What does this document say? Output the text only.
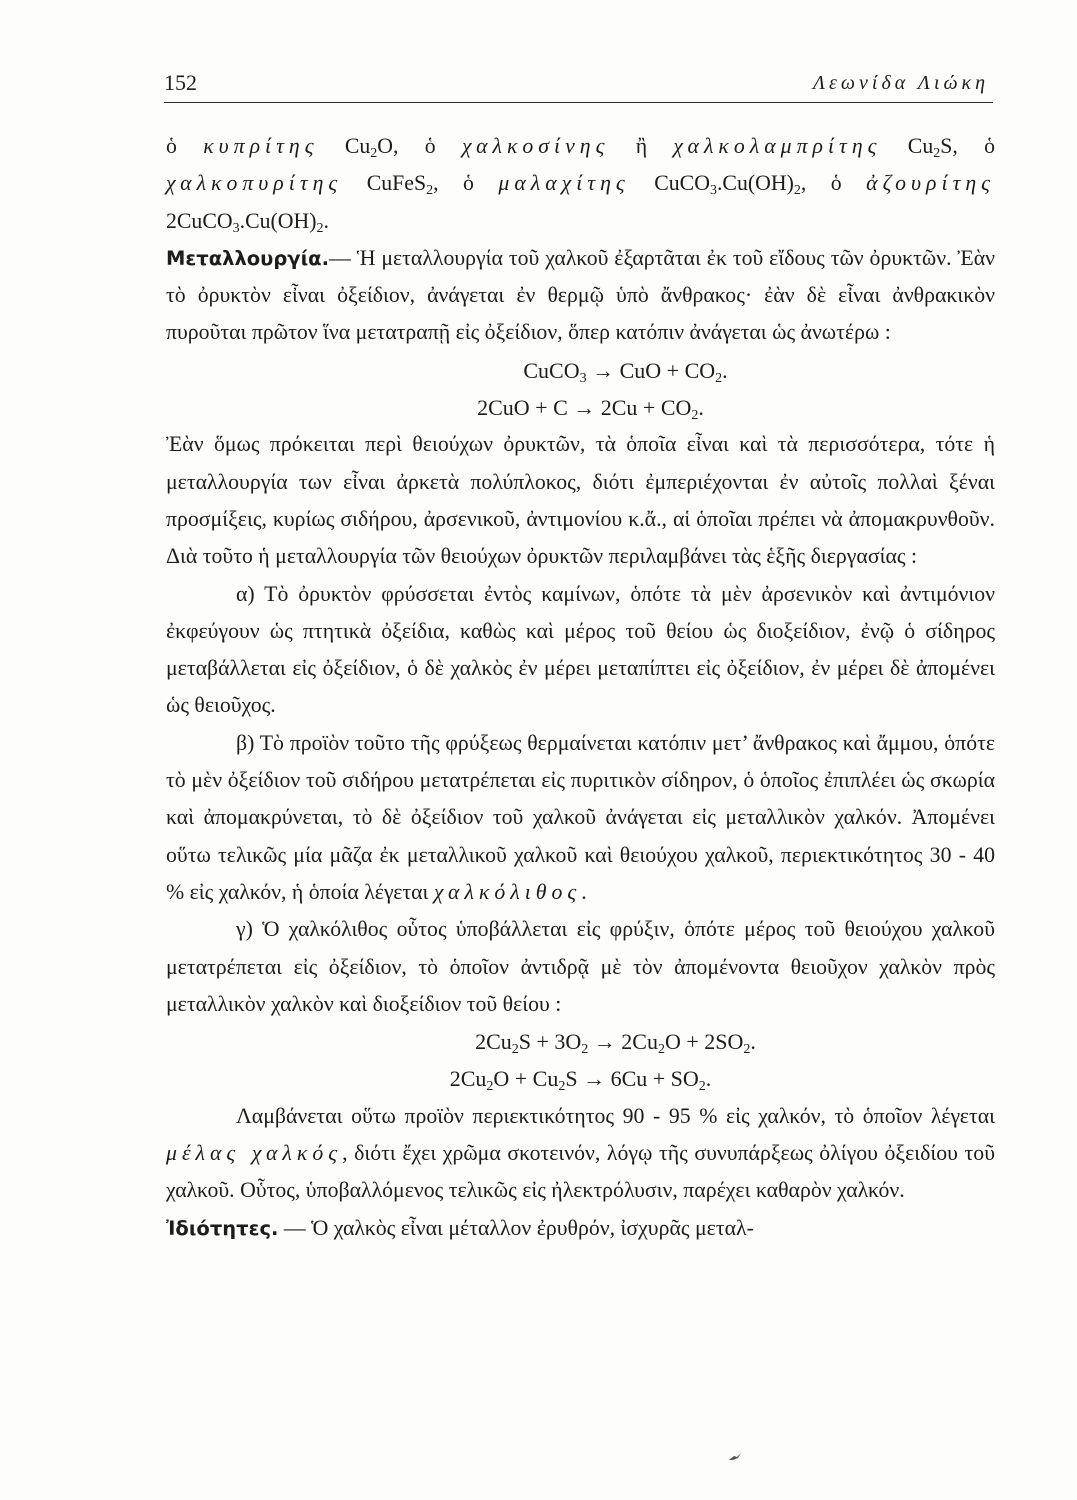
152	Λεωνίδα Λιώκη

ὁ κυπρίτης $Cu_2O$, ὁ χαλκοσίνης ἢ χαλκολαμπρίτης $Cu_2S$, ὁ χαλκοπυρίτης CuFeS$_2$, ὁ μαλαχίτης $CuCO_3.Cu(OH)_2$, ὁ ἀζουρίτης $2CuCO_3.Cu(OH)_2$.

Μεταλλουργία.— Ἡ μεταλλουργία τοῦ χαλκοῦ ἐξαρτᾶται ἐκ τοῦ εἴδους τῶν ὀρυκτῶν. Ἐὰν τὸ ὀρυκτὸν εἶναι ὀξείδιον, ἀνάγεται ἐν θερμῷ ὑπὸ ἄνθρακος· ἐὰν δὲ εἶναι ἀνθρακικὸν πυροῦται πρῶτον ἵνα μετατραπῇ εἰς ὀξείδιον, ὅπερ κατόπιν ἀνάγεται ὡς ἀνωτέρω :

CuCO$_3$ → CuO + $CO_2$.

$2CuO + C \to 2Cu + CO_2$.

Ἐὰν ὅμως πρόκειται περὶ θειούχων ὀρυκτῶν, τὰ ὁποῖα εἶναι καὶ τὰ περισσότερα, τότε ἡ μεταλλουργία των εἶναι ἀρκετὰ πολύπλοκος, διότι ἐμπεριέχονται ἐν αὐτοῖς πολλαὶ ξέναι προσμίξεις, κυρίως σιδήρου, ἀρσενικοῦ, ἀντιμονίου κ.ἄ., αἱ ὁποῖαι πρέπει νὰ ἀπομακρυνθοῦν. Διὰ τοῦτο ἡ μεταλλουργία τῶν θειούχων ὀρυκτῶν περιλαμβάνει τὰς ἑξῆς διεργασίας :

α) Τὸ ὀρυκτὸν φρύσσεται ἐντὸς καμίνων, ὁπότε τὰ μὲν ἀρσενικὸν καὶ ἀντιμόνιον ἐκφεύγουν ὡς πτητικὰ ὀξείδια, καθὼς καὶ μέρος τοῦ θείου ὡς διοξείδιον, ἐνῷ ὁ σίδηρος μεταβάλλεται εἰς ὀξείδιον, ὁ δὲ χαλκὸς ἐν μέρει μεταπίπτει εἰς ὀξείδιον, ἐν μέρει δὲ ἀπομένει ὡς θειοῦχος.

β) Τὸ προϊὸν τοῦτο τῆς φρύξεως θερμαίνεται κατόπιν μετ’ ἄνθρακος καὶ ἄμμου, ὁπότε τὸ μὲν ὀξείδιον τοῦ σιδήρου μετατρέπεται εἰς πυριτικὸν σίδηρον, ὁ ὁποῖος ἐπιπλέει ὡς σκωρία καὶ ἀπομακρύνεται, τὸ δὲ ὀξείδιον τοῦ χαλκοῦ ἀνάγεται εἰς μεταλλικὸν χαλκόν. Ἀπομένει οὕτω τελικῶς μία μᾶζα ἐκ μεταλλικοῦ χαλκοῦ καὶ θειούχου χαλκοῦ, περιεκτικότητος 30 - 40 % εἰς χαλκόν, ἡ ὁποία λέγεται χαλκόλιθος.

γ) Ὁ χαλκόλιθος οὗτος ὑποβάλλεται εἰς φρύξιν, ὁπότε μέρος τοῦ θειούχου χαλκοῦ μετατρέπεται εἰς ὀξείδιον, τὸ ὁποῖον ἀντιδρᾷ μὲ τὸν ἀπομένοντα θειοῦχον χαλκὸν πρὸς μεταλλικὸν χαλκὸν καὶ διοξείδιον τοῦ θείου :

$2Cu_2S + 3O_2 \to 2Cu_2O + 2SO_2$.

$2Cu_2O + Cu_2S \to 6Cu + SO_2$.

Λαμβάνεται οὕτω προϊὸν περιεκτικότητος 90 - 95 % εἰς χαλκόν, τὸ ὁποῖον λέγεται μέλας χαλκός, διότι ἔχει χρῶμα σκοτεινόν, λόγῳ τῆς συνυπάρξεως ὀλίγου ὀξειδίου τοῦ χαλκοῦ. Οὗτος, ὑποβαλλόμενος τελικῶς εἰς ἠλεκτρόλυσιν, παρέχει καθαρὸν χαλκόν.

Ἰδιότητες. — Ὁ χαλκὸς εἶναι μέταλλον ἐρυθρόν, ἰσχυρᾶς μεταλ-
